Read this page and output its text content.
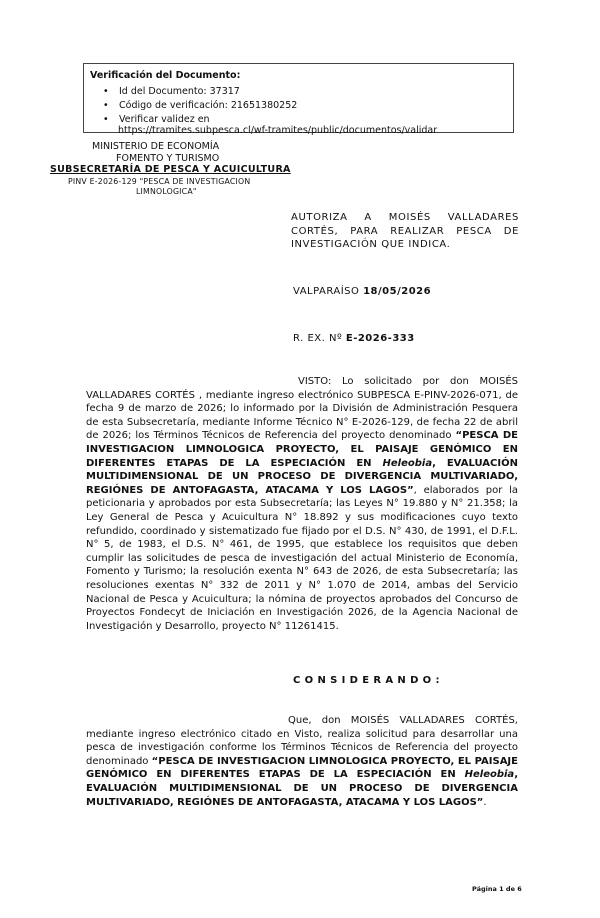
Verificación del Documento:
• Id del Documento: 37317
• Código de verificación: 21651380252
• Verificar validez en
https://tramites.subpesca.cl/wf-tramites/public/documentos/validar
MINISTERIO DE ECONOMÍA
FOMENTO Y TURISMO
SUBSECRETARÍA DE PESCA Y ACUICULTURA
PINV E-2026-129 "PESCA DE INVESTIGACION
LIMNOLOGICA"
AUTORIZA A MOISÉS VALLADARES CORTÉS, PARA REALIZAR PESCA DE INVESTIGACIÓN QUE INDICA.
VALPARAÍSO 18/05/2026
R. EX. Nº E-2026-333
VISTO: Lo solicitado por don MOISÉS VALLADARES CORTÉS , mediante ingreso electrónico SUBPESCA E-PINV-2026-071, de fecha 9 de marzo de 2026; lo informado por la División de Administración Pesquera de esta Subsecretaría, mediante Informe Técnico N° E-2026-129, de fecha 22 de abril de 2026; los Términos Técnicos de Referencia del proyecto denominado “PESCA DE INVESTIGACION LIMNOLOGICA PROYECTO, EL PAISAJE GENÓMICO EN DIFERENTES ETAPAS DE LA ESPECIACIÓN EN Heleobia, EVALUACIÓN MULTIDIMENSIONAL DE UN PROCESO DE DIVERGENCIA MULTIVARIADO, REGIÓNES DE ANTOFAGASTA, ATACAMA Y LOS LAGOS”, elaborados por la peticionaria y aprobados por esta Subsecretaría; las Leyes N° 19.880 y N° 21.358; la Ley General de Pesca y Acuicultura N° 18.892 y sus modificaciones cuyo texto refundido, coordinado y sistematizado fue fijado por el D.S. N° 430, de 1991, el D.F.L. N° 5, de 1983, el D.S. N° 461, de 1995, que establece los requisitos que deben cumplir las solicitudes de pesca de investigación del actual Ministerio de Economía, Fomento y Turismo; la resolución exenta N° 643 de 2026, de esta Subsecretaría; las resoluciones exentas N° 332 de 2011 y N° 1.070 de 2014, ambas del Servicio Nacional de Pesca y Acuicultura; la nómina de proyectos aprobados del Concurso de Proyectos Fondecyt de Iniciación en Investigación 2026, de la Agencia Nacional de Investigación y Desarrollo, proyecto N° 11261415.
CONSIDERANDO:
Que, don MOISÉS VALLADARES CORTÉS, mediante ingreso electrónico citado en Visto, realiza solicitud para desarrollar una pesca de investigación conforme los Términos Técnicos de Referencia del proyecto denominado “PESCA DE INVESTIGACION LIMNOLOGICA PROYECTO, EL PAISAJE GENÓMICO EN DIFERENTES ETAPAS DE LA ESPECIACIÓN EN Heleobia, EVALUACIÓN MULTIDIMENSIONAL DE UN PROCESO DE DIVERGENCIA MULTIVARIADO, REGIÓNES DE ANTOFAGASTA, ATACAMA Y LOS LAGOS”.
Página 1 de 6
